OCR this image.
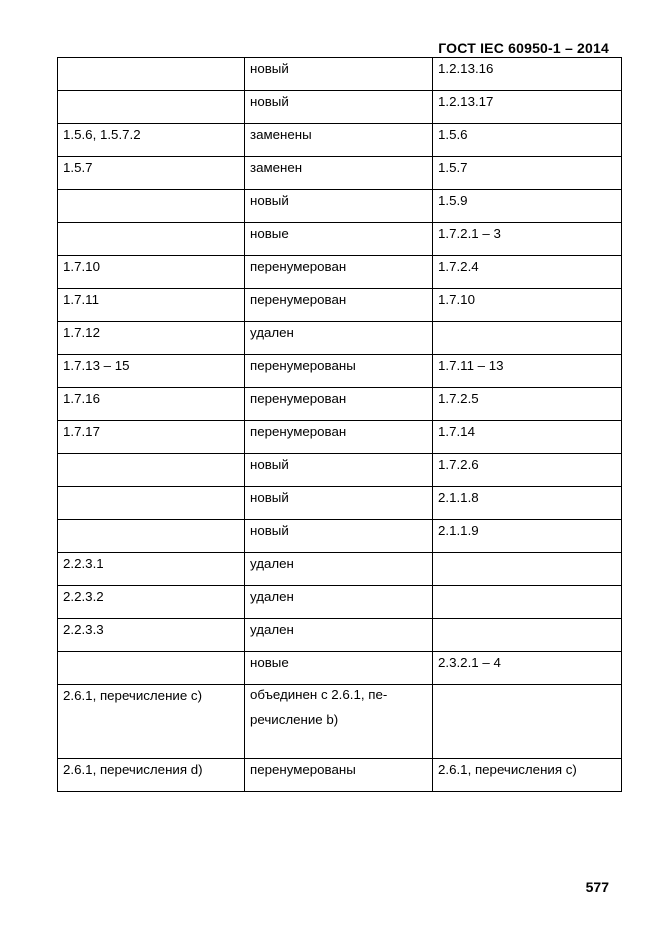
ГОСТ IEC 60950-1 – 2014
	новый	1.2.13.16
	новый	1.2.13.17
1.5.6, 1.5.7.2	заменены	1.5.6
1.5.7	заменен	1.5.7
	новый	1.5.9
	новые	1.7.2.1 – 3
1.7.10	перенумерован	1.7.2.4
1.7.11	перенумерован	1.7.10
1.7.12	удален	
1.7.13 – 15	перенумерованы	1.7.11 – 13
1.7.16	перенумерован	1.7.2.5
1.7.17	перенумерован	1.7.14
	новый	1.7.2.6
	новый	2.1.1.8
	новый	2.1.1.9
2.2.3.1	удален	
2.2.3.2	удален	
2.2.3.3	удален	
	новые	2.3.2.1 – 4
2.6.1, перечисление c)	объединен с 2.6.1, пе-
речисление b)	

2.6.1, перечисления d)	перенумерованы	2.6.1, перечисления с)
577
